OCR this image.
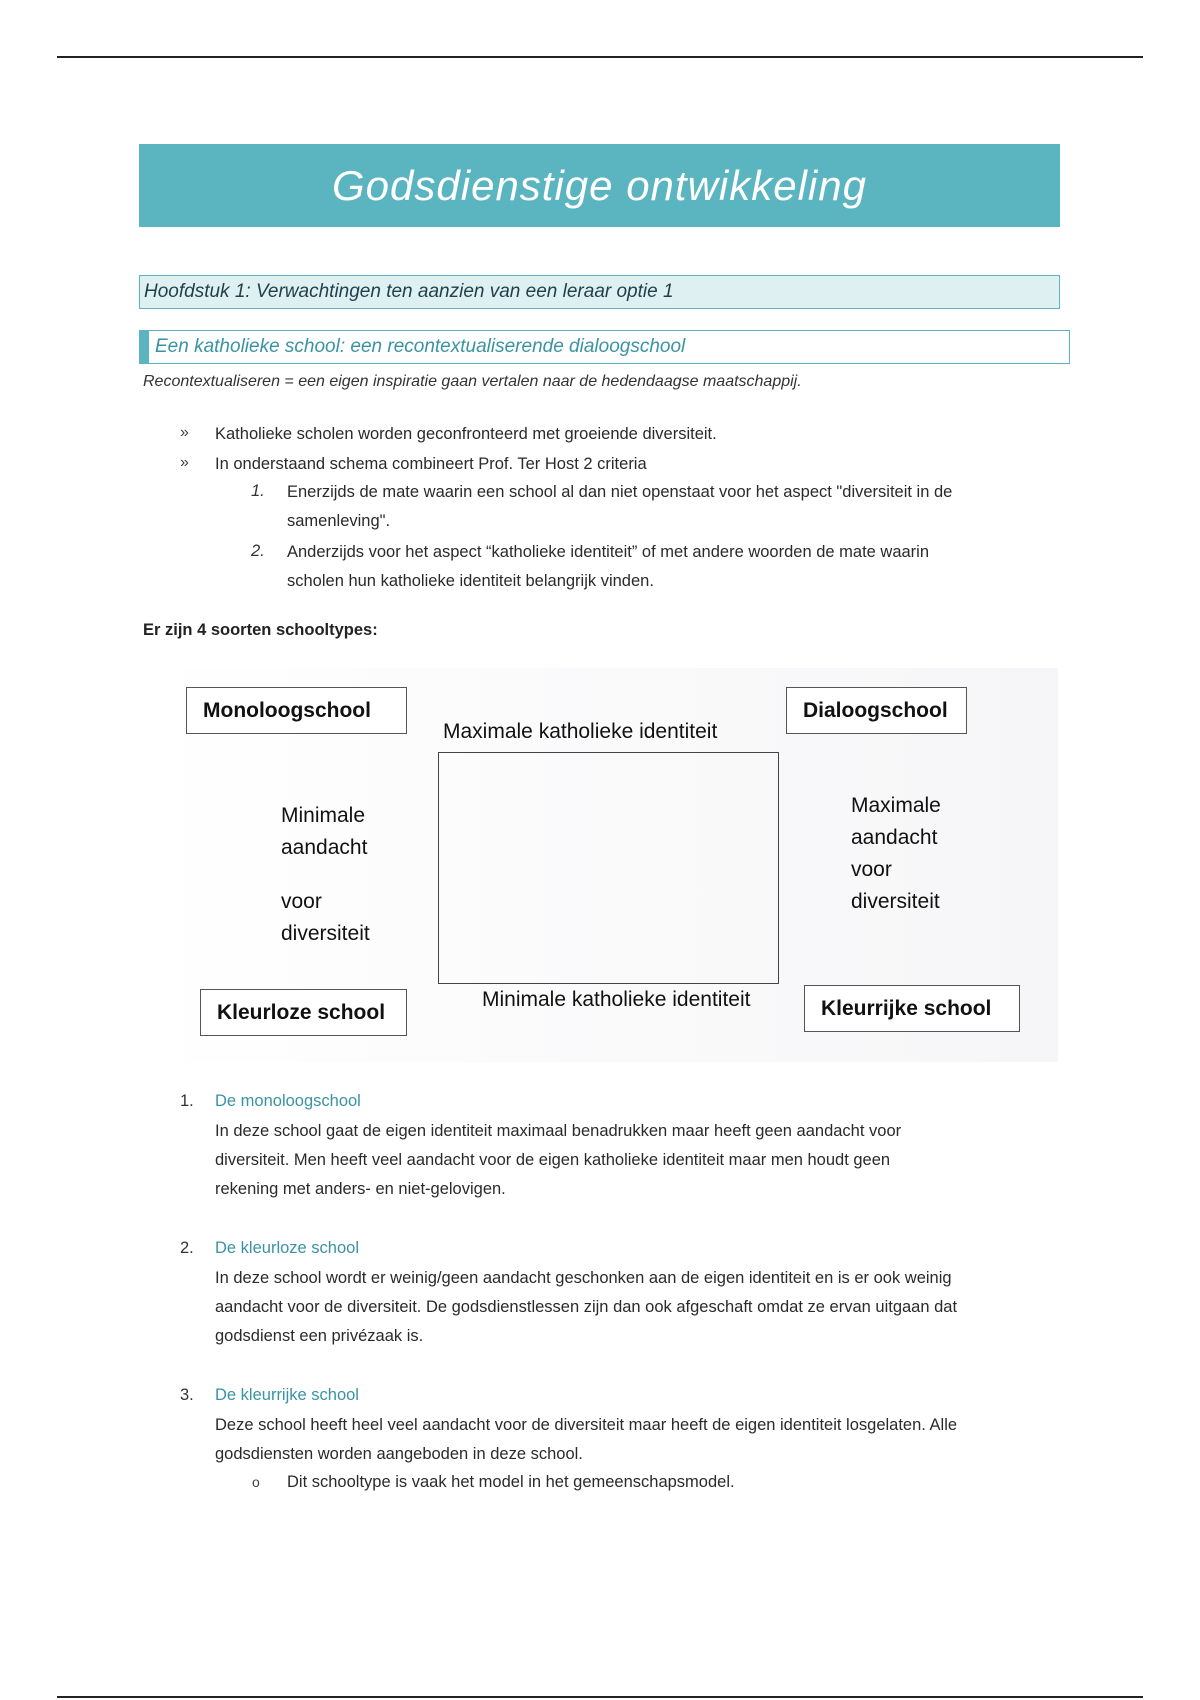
Godsdienstige ontwikkeling
Hoofdstuk 1: Verwachtingen ten aanzien van een leraar optie 1
Een katholieke school: een recontextualiserende dialoogschool
Recontextualiseren = een eigen inspiratie gaan vertalen naar de hedendaagse maatschappij.
» Katholieke scholen worden geconfronteerd met groeiende diversiteit.
» In onderstaand schema combineert Prof. Ter Host 2 criteria
1. Enerzijds de mate waarin een school al dan niet openstaat voor het aspect "diversiteit in de
samenleving".
2. Anderzijds voor het aspect “katholieke identiteit” of met andere woorden de mate waarin
scholen hun katholieke identiteit belangrijk vinden.
Er zijn 4 soorten schooltypes:
Monoloogschool	Dialoogschool
Kleurloze school	Kleurrijke school
Maximale katholieke identiteit
Minimale katholieke identiteit
Minimale
aandacht
voor
diversiteit
Maximale
aandacht
voor
diversiteit
1. De monoloogschool
In deze school gaat de eigen identiteit maximaal benadrukken maar heeft geen aandacht voor
diversiteit. Men heeft veel aandacht voor de eigen katholieke identiteit maar men houdt geen
rekening met anders- en niet-gelovigen.
2. De kleurloze school
In deze school wordt er weinig/geen aandacht geschonken aan de eigen identiteit en is er ook weinig
aandacht voor de diversiteit. De godsdienstlessen zijn dan ook afgeschaft omdat ze ervan uitgaan dat
godsdienst een privézaak is.
3. De kleurrijke school
Deze school heeft heel veel aandacht voor de diversiteit maar heeft de eigen identiteit losgelaten. Alle
godsdiensten worden aangeboden in deze school.
o Dit schooltype is vaak het model in het gemeenschapsmodel.
